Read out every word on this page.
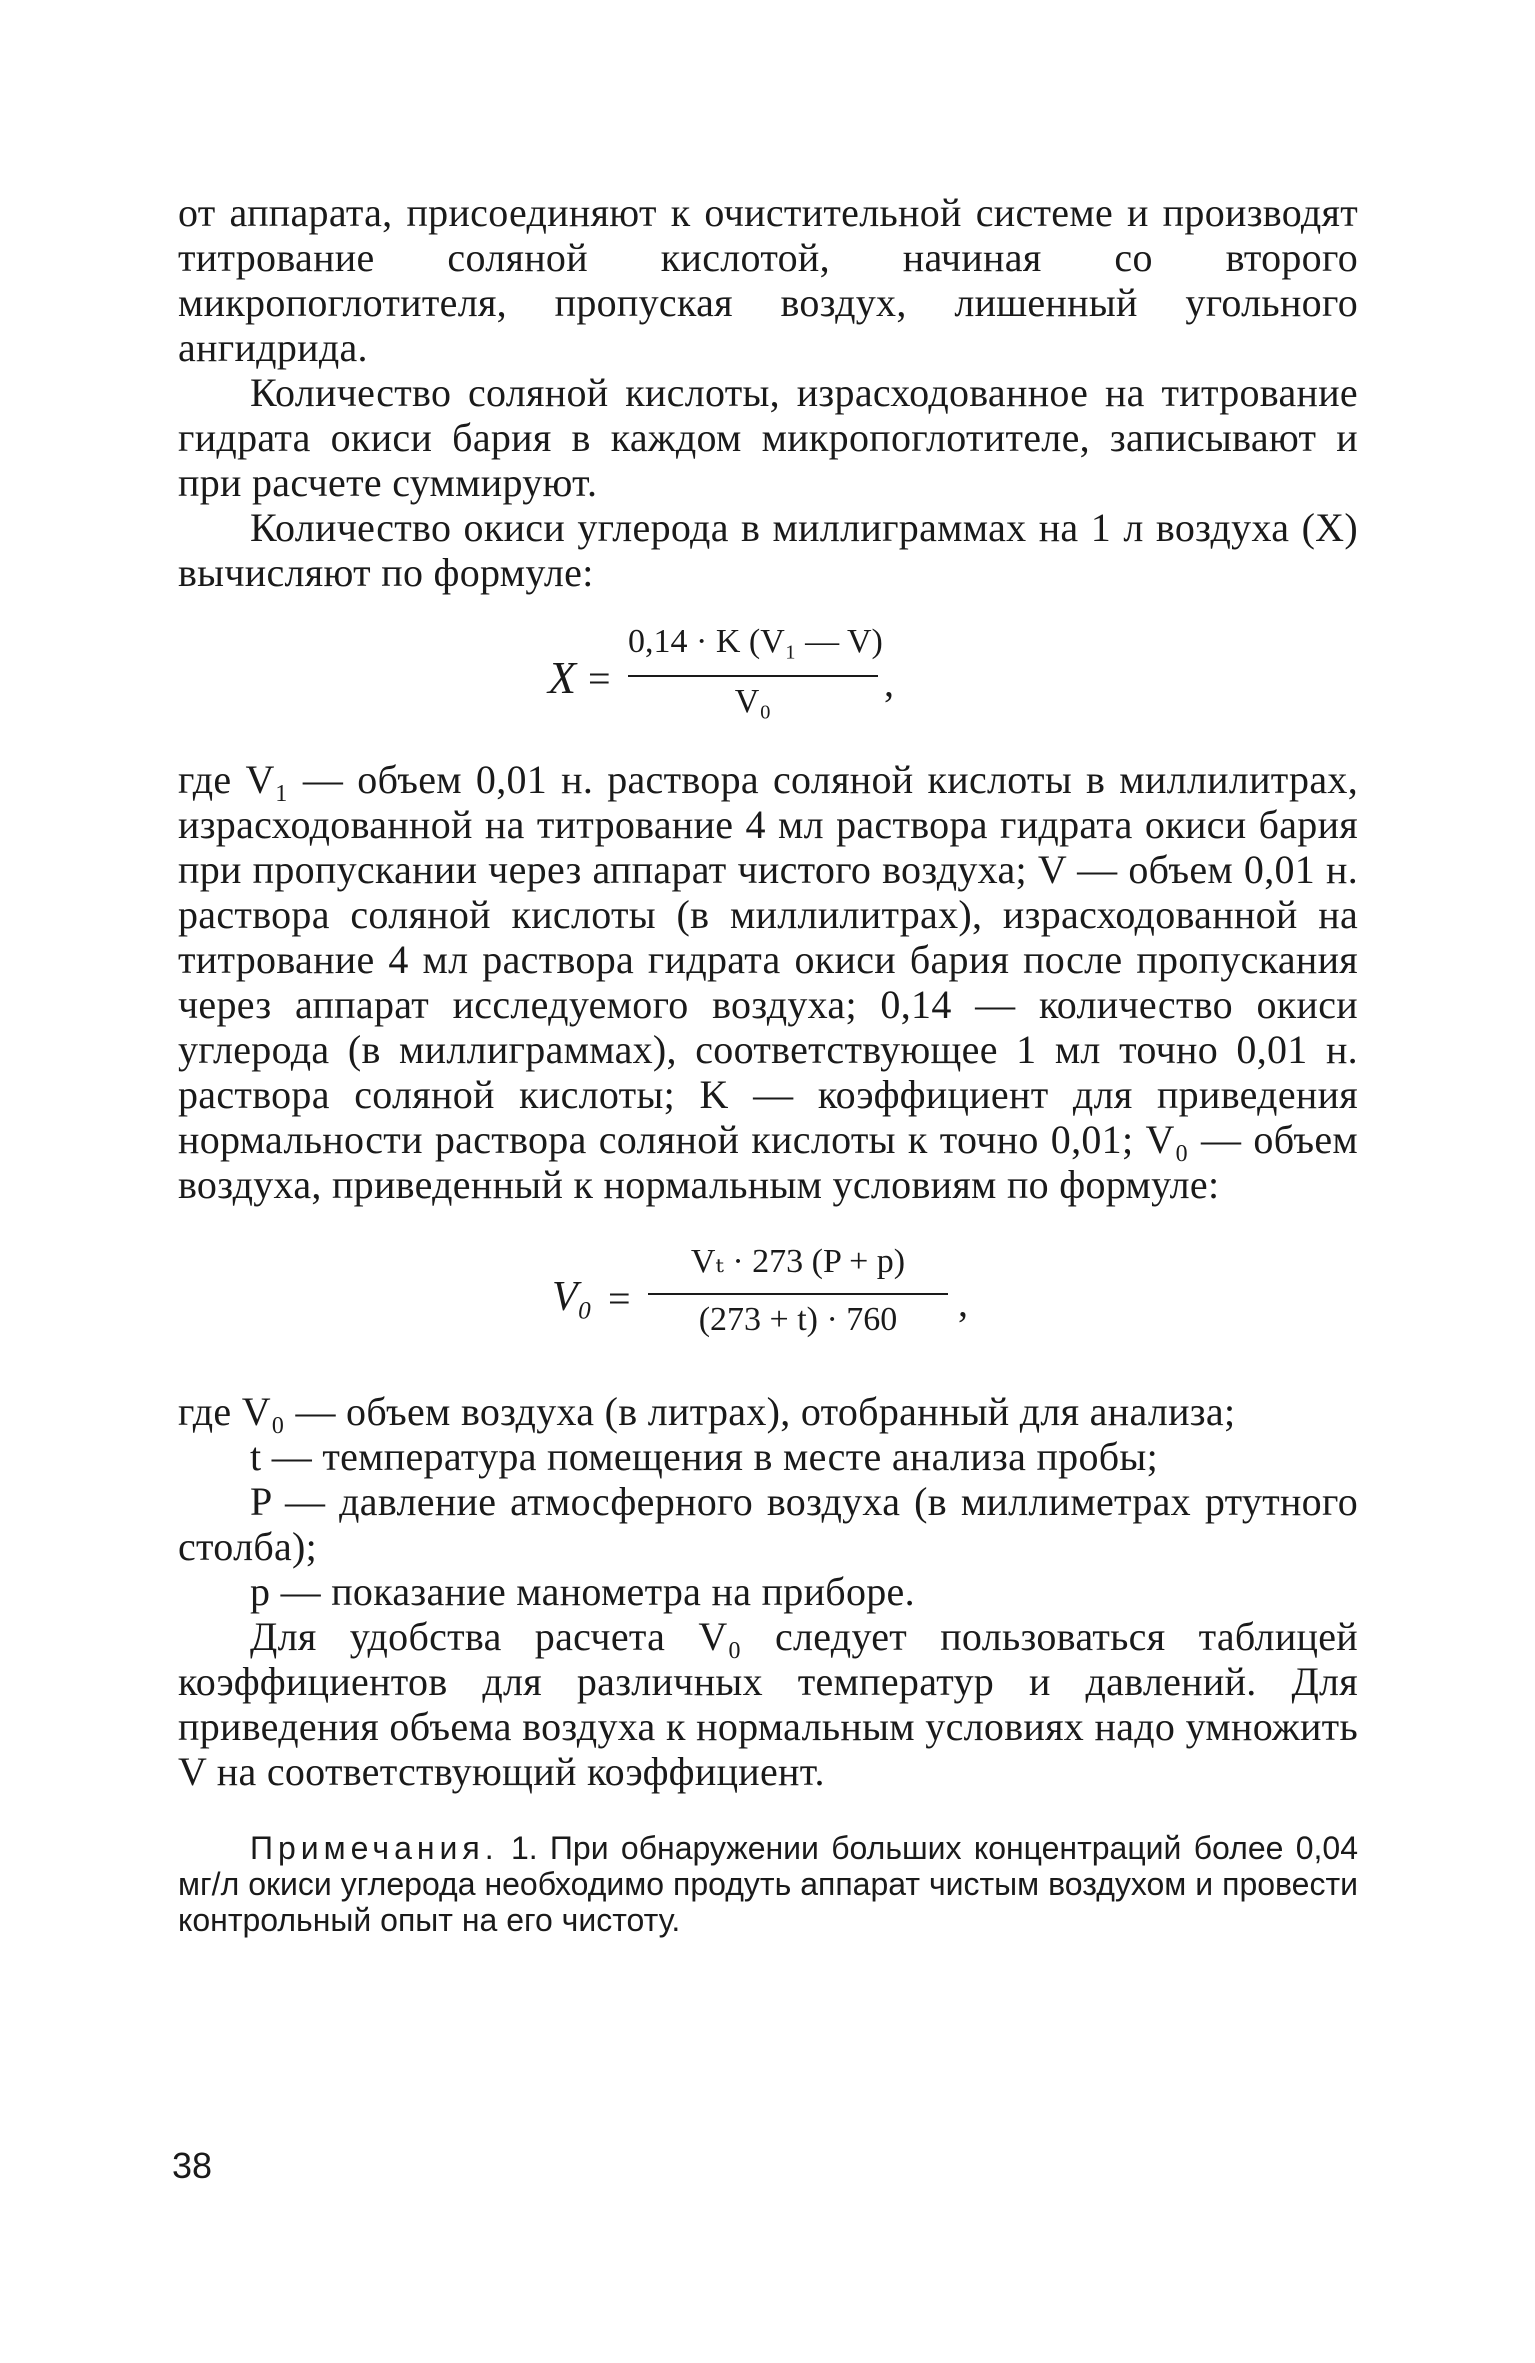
от аппарата, присоединяют к очистительной системе и производят титрование соляной кислотой, начиная со второго микропоглотителя, пропуская воздух, лишенный угольного ангидрида.

Количество соляной кислоты, израсходованное на титрование гидрата окиси бария в каждом микропоглотителе, записывают и при расчете суммируют.

Количество окиси углерода в миллиграммах на 1 л воздуха (X) вычисляют по формуле:

X =
0,14 · K (V₁ — V)
V₀	,

где V₁ — объем 0,01 н. раствора соляной кислоты в миллилитрах, израсходованной на титрование 4 мл раствора гидрата окиси бария при пропускании через аппарат чистого воздуха; V — объем 0,01 н. раствора соляной кислоты (в миллилитрах), израсходованной на титрование 4 мл раствора гидрата окиси бария после пропускания через аппарат исследуемого воздуха; 0,14 — количество окиси углерода (в миллиграммах), соответствующее 1 мл точно 0,01 н. раствора соляной кислоты; K — коэффициент для приведения нормальности раствора соляной кислоты к точно 0,01; V₀ — объем воздуха, приведенный к нормальным условиям по формуле:

V₀ =
Vₜ · 273 (P + p)
(273 + t) · 760	,

где V₀ — объем воздуха (в литрах), отобранный для анализа;

t — температура помещения в месте анализа пробы;

P — давление атмосферного воздуха (в миллиметрах ртутного столба);

p — показание манометра на приборе.

Для удобства расчета V₀ следует пользоваться таблицей коэффициентов для различных температур и давлений. Для приведения объема воздуха к нормальным условиях надо умножить V на соответствующий коэффициент.

Примечания. 1. При обнаружении больших концентраций более 0,04 мг/л окиси углерода необходимо продуть аппарат чистым воздухом и провести контрольный опыт на его чистоту.

38
